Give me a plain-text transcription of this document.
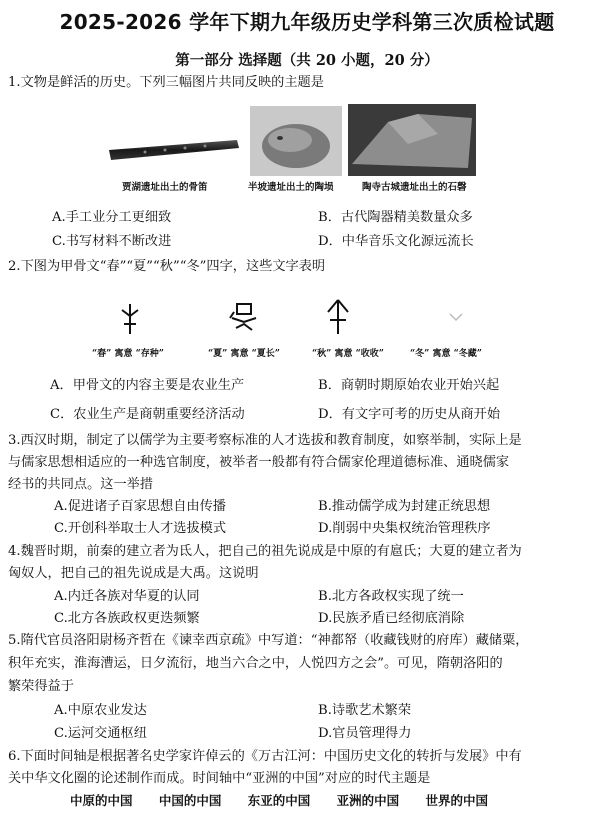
2025-2026 学年下期九年级历史学科第三次质检试题
第一部分 选择题（共 20 小题，20 分）
1.文物是鲜活的历史。下列三幅图片共同反映的主题是
贾湖遗址出土的骨笛	半坡遗址出土的陶埙	陶寺古城遗址出土的石磬
A.手工业分工更细致	B．古代陶器精美数量众多
C.书写材料不断改进	D．中华音乐文化源远流长
2.下图为甲骨文“春”“夏”“秋”“冬”四字，这些文字表明
“春” 寓意 “存种”	“夏” 寓意 “夏长”	“秋” 寓意 “收收”	“冬” 寓意 “冬藏”
A．甲骨文的内容主要是农业生产	B．商朝时期原始农业开始兴起
C．农业生产是商朝重要经济活动	D．有文字可考的历史从商开始
3.西汉时期，制定了以儒学为主要考察标准的人才选拔和教育制度，如察举制，实际上是
与儒家思想相适应的一种选官制度，被举者一般都有符合儒家伦理道德标准、通晓儒家
经书的共同点。这一举措
A.促进诸子百家思想自由传播	B.推动儒学成为封建正统思想
C.开创科举取士人才选拔模式	D.削弱中央集权统治管理秩序
4.魏晋时期，前秦的建立者为氐人，把自己的祖先说成是中原的有扈氏；大夏的建立者为
匈奴人，把自己的祖先说成是大禹。这说明
A.内迁各族对华夏的认同	B.北方各政权实现了统一
C.北方各族政权更迭频繁	D.民族矛盾已经彻底消除
5.隋代官员洛阳尉杨齐哲在《谏幸西京疏》中写道：“神都帑（收藏钱财的府库）藏储粟，
积年充实，淮海漕运，日夕流衍，地当六合之中，人悦四方之会”。可见，隋朝洛阳的
繁荣得益于
A.中原农业发达	B.诗歌艺术繁荣
C.运河交通枢纽	D.官员管理得力
6.下面时间轴是根据著名史学家许倬云的《万古江河：中国历史文化的转折与发展》中有
关中华文化圈的论述制作而成。时间轴中“亚洲的中国”对应的时代主题是
中原的中国 中国的中国 东亚的中国 亚洲的中国 世界的中国
